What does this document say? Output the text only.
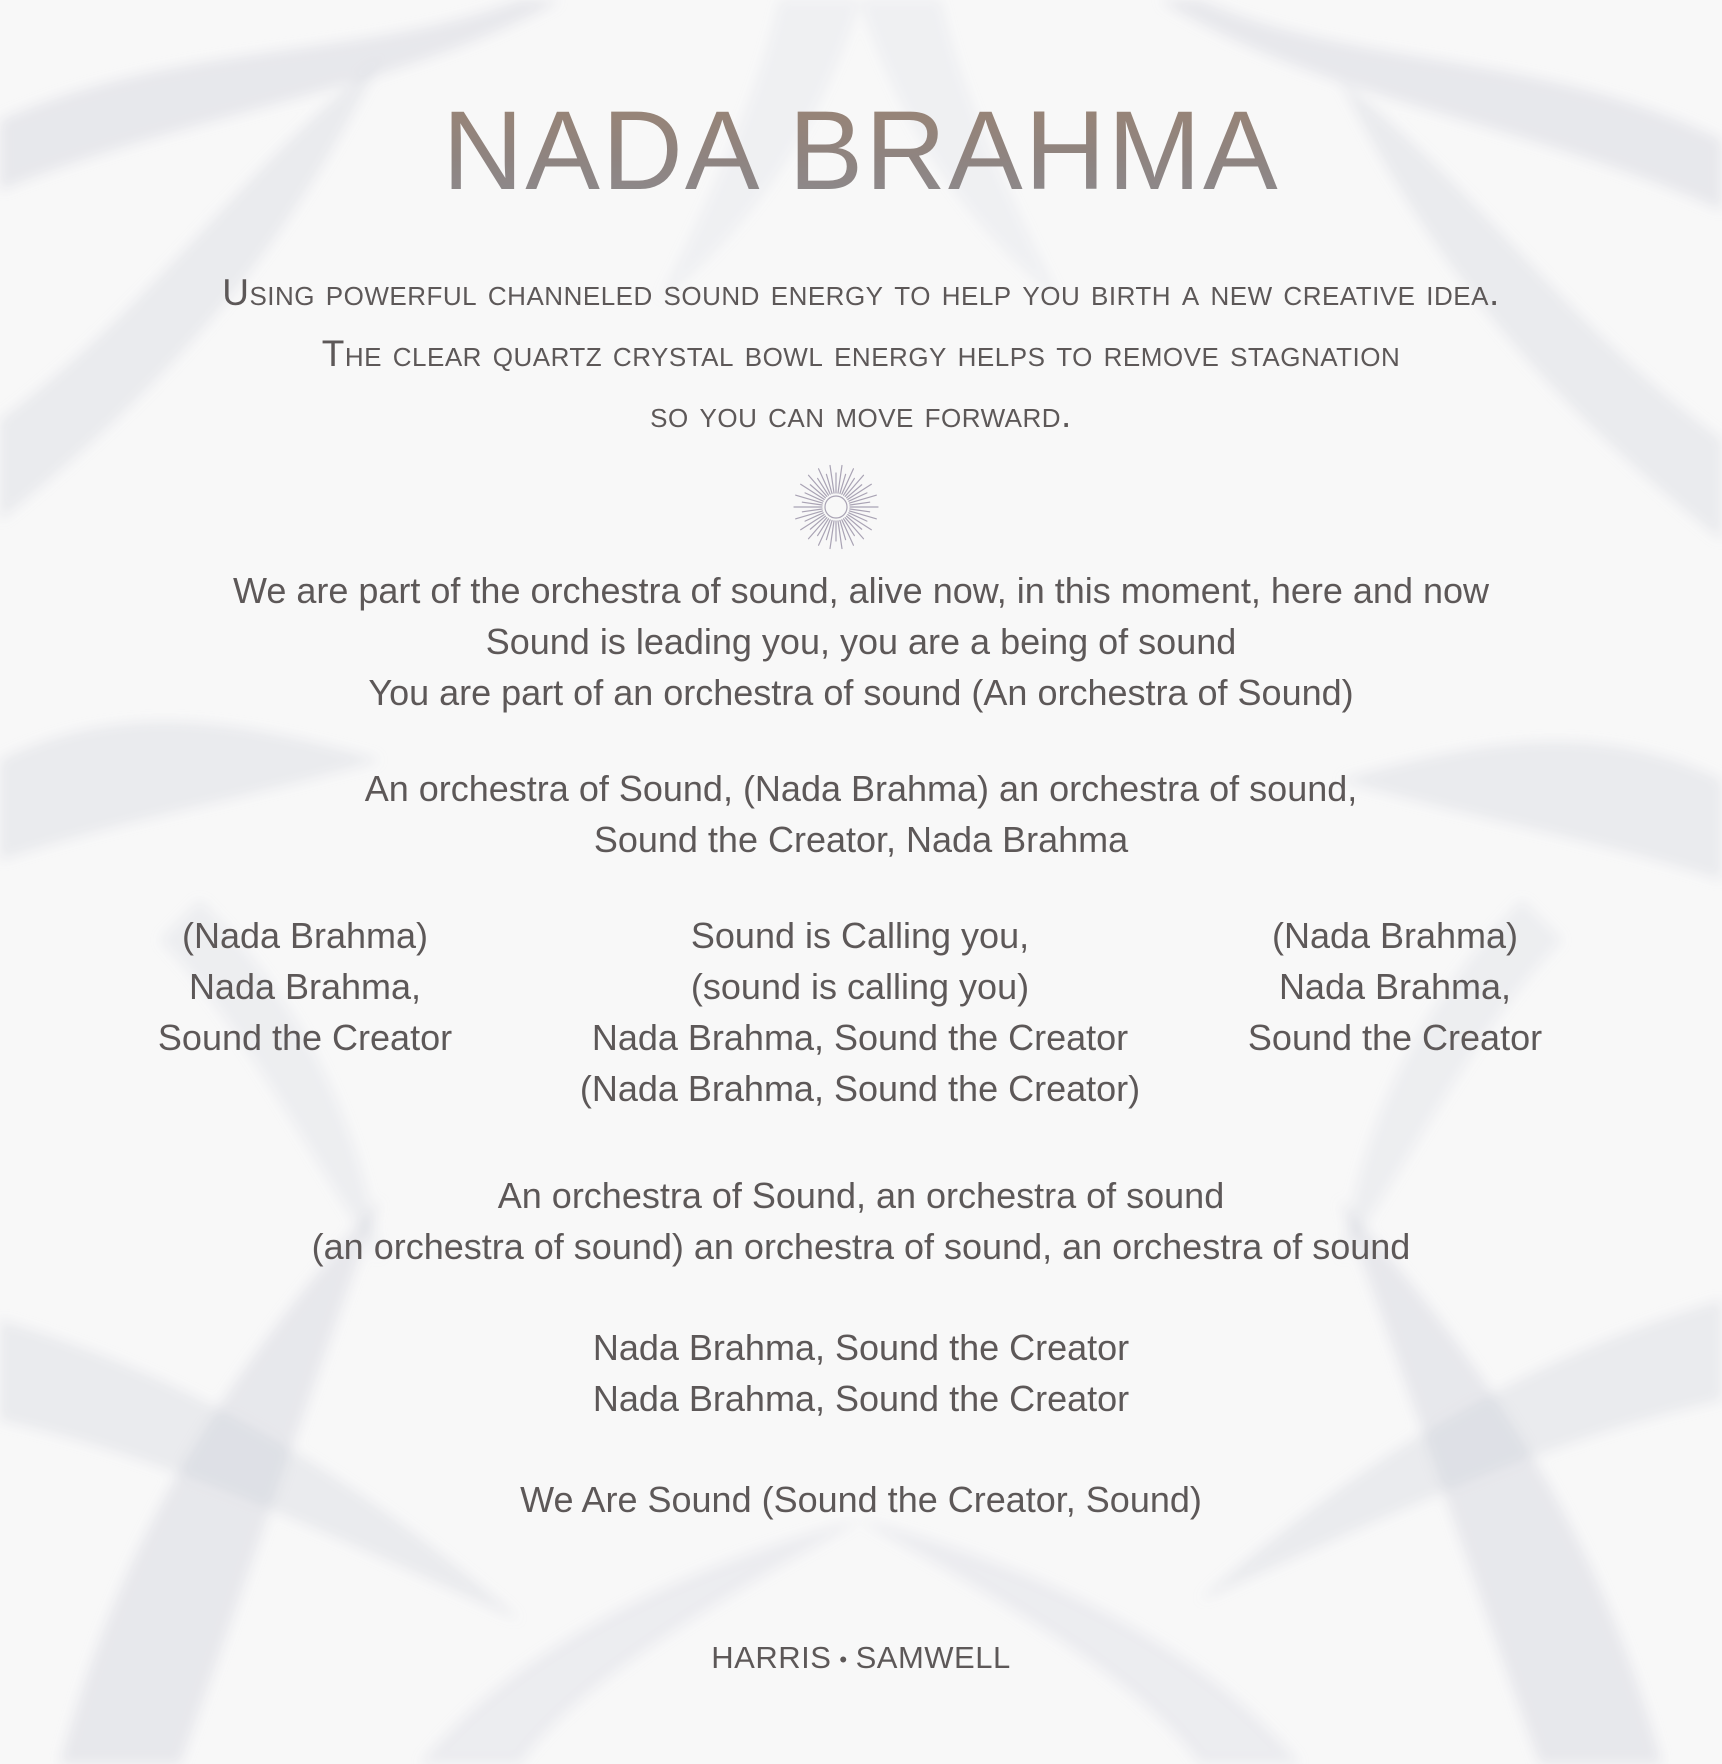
NADA BRAHMA
Using powerful channeled sound energy to help you birth a new creative idea.
The clear quartz crystal bowl energy helps to remove stagnation
so you can move forward.
We are part of the orchestra of sound, alive now, in this moment, here and now
Sound is leading you, you are a being of sound
You are part of an orchestra of sound (An orchestra of Sound)
An orchestra of Sound, (Nada Brahma) an orchestra of sound,
Sound the Creator, Nada Brahma
(Nada Brahma)
Nada Brahma,
Sound the Creator
Sound is Calling you,
(sound is calling you)
Nada Brahma, Sound the Creator
(Nada Brahma, Sound the Creator)
(Nada Brahma)
Nada Brahma,
Sound the Creator
An orchestra of Sound, an orchestra of sound
(an orchestra of sound) an orchestra of sound, an orchestra of sound
Nada Brahma, Sound the Creator
Nada Brahma, Sound the Creator
We Are Sound (Sound the Creator, Sound)
HARRIS • SAMWELL
